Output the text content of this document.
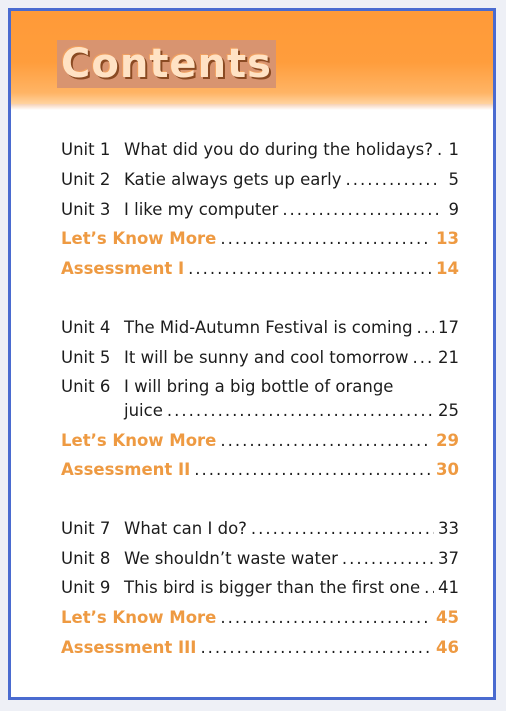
Contents
Unit 1 What did you do during the holidays? ..... 1
Unit 2 Katie always gets up early .....	5
Unit 3 I like my computer .....	9
Let’s Know More .....	13
Assessment I .....	14
Unit 4 The Mid-Autumn Festival is coming ..... 17
Unit 5 It will be sunny and cool tomorrow ..... 21
Unit 6 I will bring a big bottle of orange
juice .....	25
Let’s Know More .....	29
Assessment II .....	30
Unit 7 What can I do? .....	33
Unit 8 We shouldn’t waste water .....	37
Unit 9 This bird is bigger than the first one ..... 41
Let’s Know More .....	45
Assessment III .....	46
